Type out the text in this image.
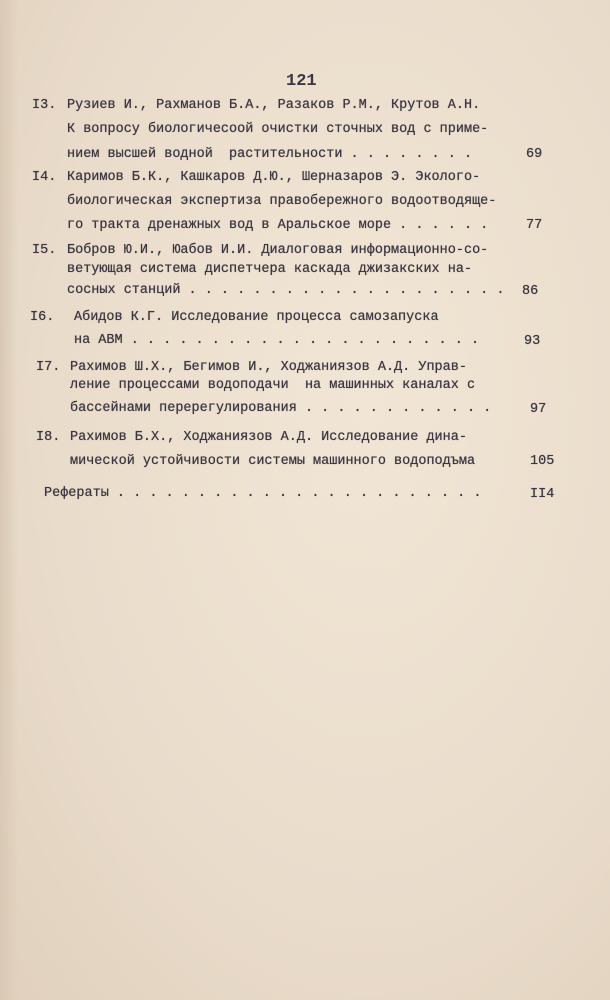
121
I3. Рузиев И., Рахманов Б.А., Разаков Р.М., Крутов А.Н.
К вопросу биологичесоой очистки сточных вод с приме-
нием высшей водной  растительности . . . . . . . .	69
I4. Каримов Б.К., Кашкаров Д.Ю., Шерназаров Э. Эколого-
биологическая экспертиза правобережного водоотводяще-
го тракта дренажных вод в Аральское море . . . . . .	77
I5. Бобров Ю.И., Юабов И.И. Диалоговая информационно-со-
ветующая система диспетчера каскада джизакских на-
сосных станций . . . . . . . . . . . . . . . . . . . . 86
I6. Абидов К.Г. Исследование процесса самозапуска
на АВМ . . . . . . . . . . . . . . . . . . . . . .	93
I7. Рахимов Ш.Х., Бегимов И., Ходжаниязов А.Д. Управ-
ление процессами водоподачи  на машинных каналах с
бассейнами перерегулирования . . . . . . . . . . . .	97
I8. Рахимов Б.Х., Ходжаниязов А.Д. Исследование дина-
мической устойчивости системы машинного водоподъма	105
Рефераты . . . . . . . . . . . . . . . . . . . . . . .	II4
